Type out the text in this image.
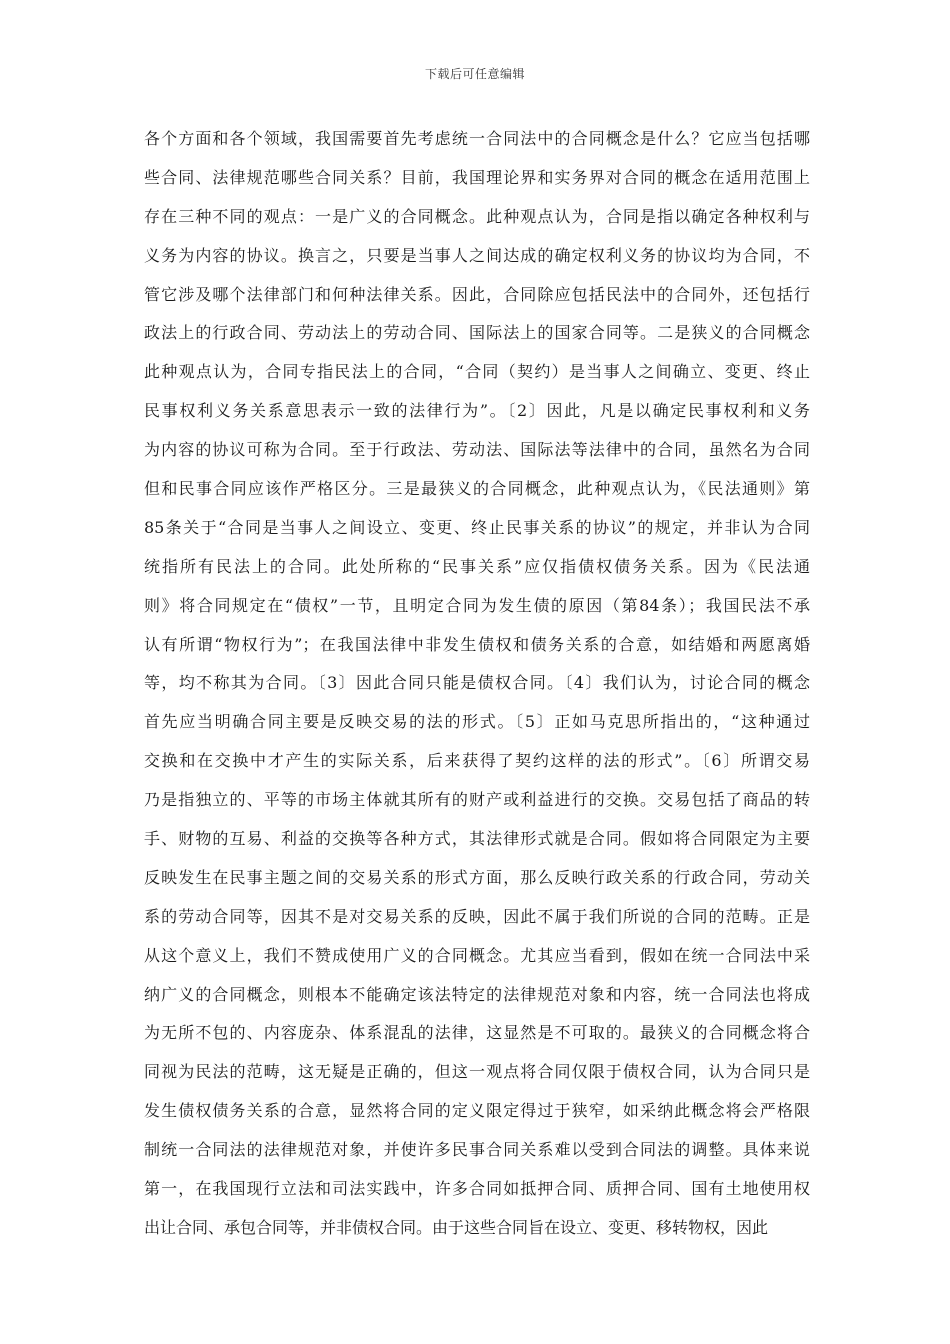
下载后可任意编辑
各个方面和各个领域，我国需要首先考虑统一合同法中的合同概念是什么？它应当包括哪
些合同、法律规范哪些合同关系？目前，我国理论界和实务界对合同的概念在适用范围上
存在三种不同的观点：一是广义的合同概念。此种观点认为，合同是指以确定各种权利与
义务为内容的协议。换言之，只要是当事人之间达成的确定权利义务的协议均为合同，不
管它涉及哪个法律部门和何种法律关系。因此，合同除应包括民法中的合同外，还包括行
政法上的行政合同、劳动法上的劳动合同、国际法上的国家合同等。二是狭义的合同概念
此种观点认为，合同专指民法上的合同，“合同（契约）是当事人之间确立、变更、终止
民事权利义务关系意思表示一致的法律行为”。〔2〕因此，凡是以确定民事权利和义务
为内容的协议可称为合同。至于行政法、劳动法、国际法等法律中的合同，虽然名为合同
但和民事合同应该作严格区分。三是最狭义的合同概念，此种观点认为，《民法通则》第
85条关于“合同是当事人之间设立、变更、终止民事关系的协议”的规定，并非认为合同
统指所有民法上的合同。此处所称的“民事关系”应仅指债权债务关系。因为《民法通
则》将合同规定在“债权”一节，且明定合同为发生债的原因（第84条）；我国民法不承
认有所谓“物权行为”；在我国法律中非发生债权和债务关系的合意，如结婚和两愿离婚
等，均不称其为合同。〔3〕因此合同只能是债权合同。〔4〕我们认为，讨论合同的概念
首先应当明确合同主要是反映交易的法的形式。〔5〕正如马克思所指出的，“这种通过
交换和在交换中才产生的实际关系，后来获得了契约这样的法的形式”。〔6〕所谓交易
乃是指独立的、平等的市场主体就其所有的财产或利益进行的交换。交易包括了商品的转
手、财物的互易、利益的交换等各种方式，其法律形式就是合同。假如将合同限定为主要
反映发生在民事主题之间的交易关系的形式方面，那么反映行政关系的行政合同，劳动关
系的劳动合同等，因其不是对交易关系的反映，因此不属于我们所说的合同的范畴。正是
从这个意义上，我们不赞成使用广义的合同概念。尤其应当看到，假如在统一合同法中采
纳广义的合同概念，则根本不能确定该法特定的法律规范对象和内容，统一合同法也将成
为无所不包的、内容庞杂、体系混乱的法律，这显然是不可取的。最狭义的合同概念将合
同视为民法的范畴，这无疑是正确的，但这一观点将合同仅限于债权合同，认为合同只是
发生债权债务关系的合意，显然将合同的定义限定得过于狭窄，如采纳此概念将会严格限
制统一合同法的法律规范对象，并使许多民事合同关系难以受到合同法的调整。具体来说
第一，在我国现行立法和司法实践中，许多合同如抵押合同、质押合同、国有土地使用权
出让合同、承包合同等，并非债权合同。由于这些合同旨在设立、变更、移转物权，因此
